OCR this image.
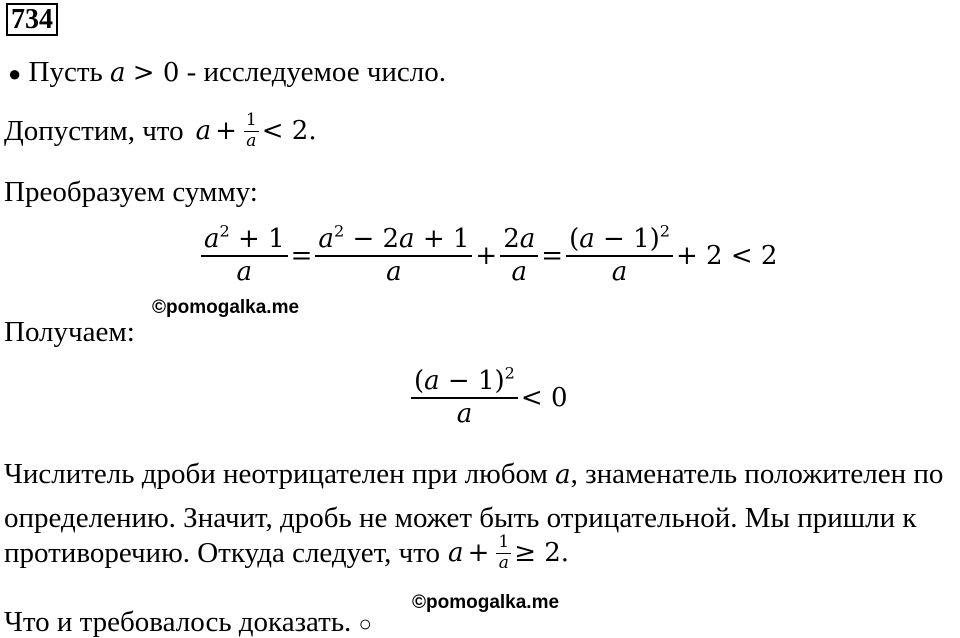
734
● Пусть a > 0 - исследуемое число.
Допустим, что $a + \frac{1}{a} < 2$.
Преобразуем сумму:
$\frac{a^2 + 1}{a} = \frac{a^2 - 2a + 1}{a} + \frac{2a}{a} = \frac{(a - 1)^2}{a} + 2 < 2$
©pomogalka.me
Получаем:
$\frac{(a - 1)^2}{a} < 0$
Числитель дроби неотрицателен при любом a, знаменатель положителен по
определению. Значит, дробь не может быть отрицательной. Мы пришли к
противоречию. Откуда следует, что $a + \frac{1}{a} \ge 2$.
©pomogalka.me
Что и требовалось доказать. ○
